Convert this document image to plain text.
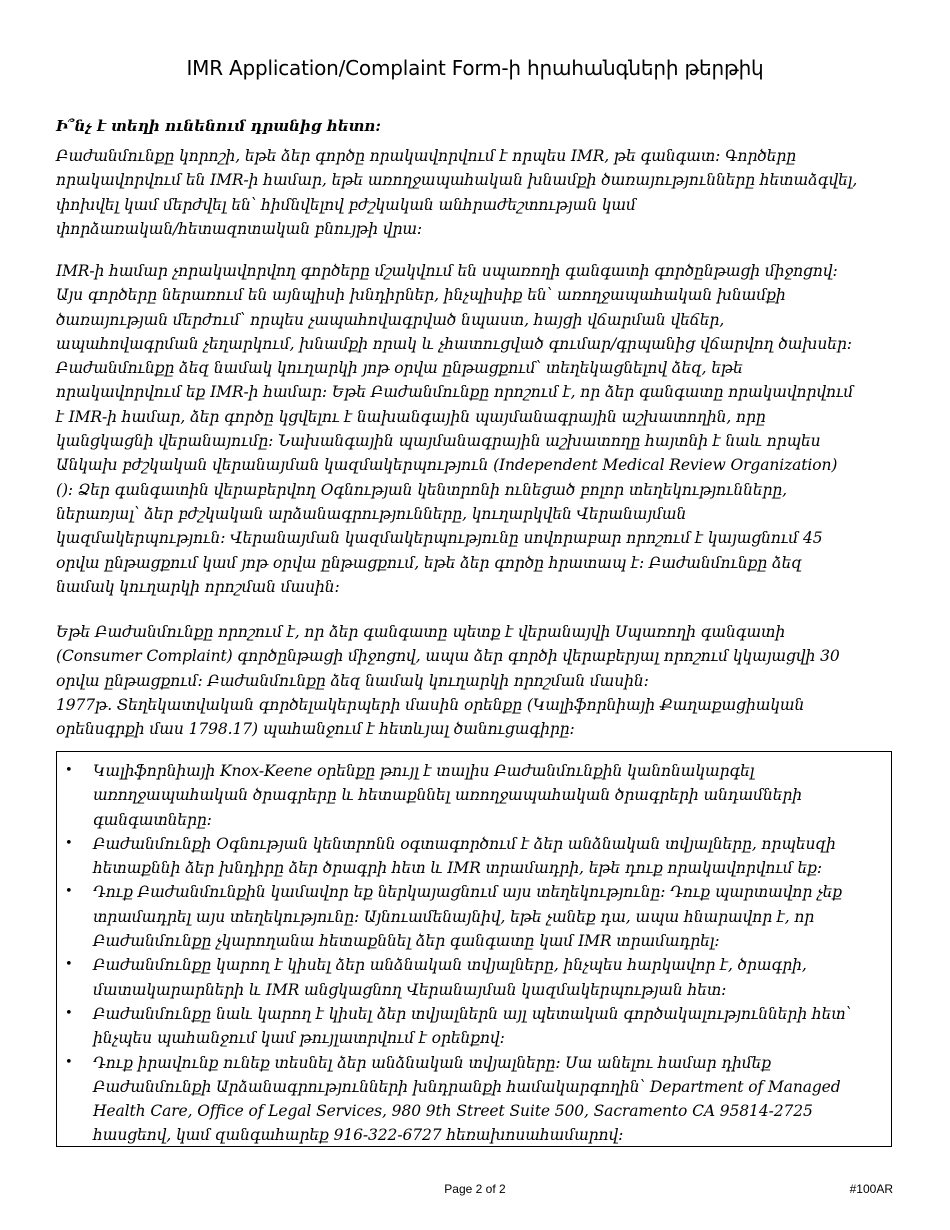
IMR Application/Complaint Form-ի հրահանգների թերթիկ
Ի՞նչ է տեղի ունենում դրանից հետո:

Բաժանմունքը կորոշի, եթե ձեր գործը որակավորվում է որպես IMR, թե գանգատ: Գործերը

որակավորվում են IMR-ի համար, եթե առողջապահական խնամքի ծառայությունները հետաձգվել,

փոխվել կամ մերժվել են՝ հիմնվելով բժշկական անհրաժեշտության կամ

փորձառական/հետազոտական բնույթի վրա:

IMR-ի համար չորակավորվող գործերը մշակվում են սպառողի գանգատի գործընթացի միջոցով:

Այս գործերը ներառում են այնպիսի խնդիրներ, ինչպիսիք են՝ առողջապահական խնամքի

ծառայության մերժում՝ որպես չապահովագրված նպաստ, հայցի վճարման վեճեր,

ապահովագրման չեղարկում, խնամքի որակ և չհատուցված գումար/գրպանից վճարվող ծախսեր:

Բաժանմունքը ձեզ նամակ կուղարկի յոթ օրվա ընթացքում՝ տեղեկացնելով ձեզ, եթե

որակավորվում եք IMR-ի համար: Եթե Բաժանմունքը որոշում է, որ ձեր գանգատը որակավորվում

է IMR-ի համար, ձեր գործը կցվելու է նախանգային պայմանագրային աշխատողին, որը

կանցկացնի վերանայումը: Նախանգային պայմանագրային աշխատողը հայտնի է նաև որպես

Անկախ բժշկական վերանայման կազմակերպություն (Independent Medical Review Organization)

(): Ձեր գանգատին վերաբերվող Օգնության կենտրոնի ունեցած բոլոր տեղեկությունները,

ներառյալ՝ ձեր բժշկական արձանագրությունները, կուղարկվեն Վերանայման

կազմակերպություն: Վերանայման կազմակերպությունը սովորաբար որոշում է կայացնում 45

օրվա ընթացքում կամ յոթ օրվա ընթացքում, եթե ձեր գործը հրատապ է: Բաժանմունքը ձեզ

նամակ կուղարկի որոշման մասին:

Եթե Բաժանմունքը որոշում է, որ ձեր գանգատը պետք է վերանայվի Սպառողի գանգատի

(Consumer Complaint) գործընթացի միջոցով, ապա ձեր գործի վերաբերյալ որոշում կկայացվի 30

օրվա ընթացքում: Բաժանմունքը ձեզ նամակ կուղարկի որոշման մասին:

1977թ. Տեղեկատվական գործելակերպերի մասին օրենքը (Կալիֆորնիայի Քաղաքացիական

օրենսգրքի մաս 1798.17) պահանջում է հետևյալ ծանուցագիրը:

• Կալիֆորնիայի Knox-Keene օրենքը թույլ է տալիս Բաժանմունքին կանոնակարգել առողջապահական ծրագրերը և հետաքննել առողջապահական ծրագրերի անդամների գանգատները:
• Բաժանմունքի Օգնության կենտրոնն օգտագործում է ձեր անձնական տվյալները, որպեսզի հետաքննի ձեր խնդիրը ձեր ծրագրի հետ և IMR տրամադրի, եթե դուք որակավորվում եք:
• Դուք Բաժանմունքին կամավոր եք ներկայացնում այս տեղեկությունը: Դուք պարտավոր չեք տրամադրել այս տեղեկությունը: Այնուամենայնիվ, եթե չանեք դա, ապա հնարավոր է, որ Բաժանմունքը չկարողանա հետաքննել ձեր գանգատը կամ IMR տրամադրել:
• Բաժանմունքը կարող է կիսել ձեր անձնական տվյալները, ինչպես հարկավոր է, ծրագրի, մատակարարների և IMR անցկացնող Վերանայման կազմակերպության հետ:
• Բաժանմունքը նաև կարող է կիսել ձեր տվյալներն այլ պետական գործակալությունների հետ՝ ինչպես պահանջում կամ թույլատրվում է օրենքով:
• Դուք իրավունք ունեք տեսնել ձեր անձնական տվյալները: Սա անելու համար դիմեք Բաժանմունքի Արձանագրությունների խնդրանքի համակարգողին՝ Department of Managed Health Care, Office of Legal Services, 980 9th Street Suite 500, Sacramento CA 95814-2725 հասցեով, կամ զանգահարեք 916-322-6727 հեռախոսահամարով:
Page 2 of 2	#100AR
